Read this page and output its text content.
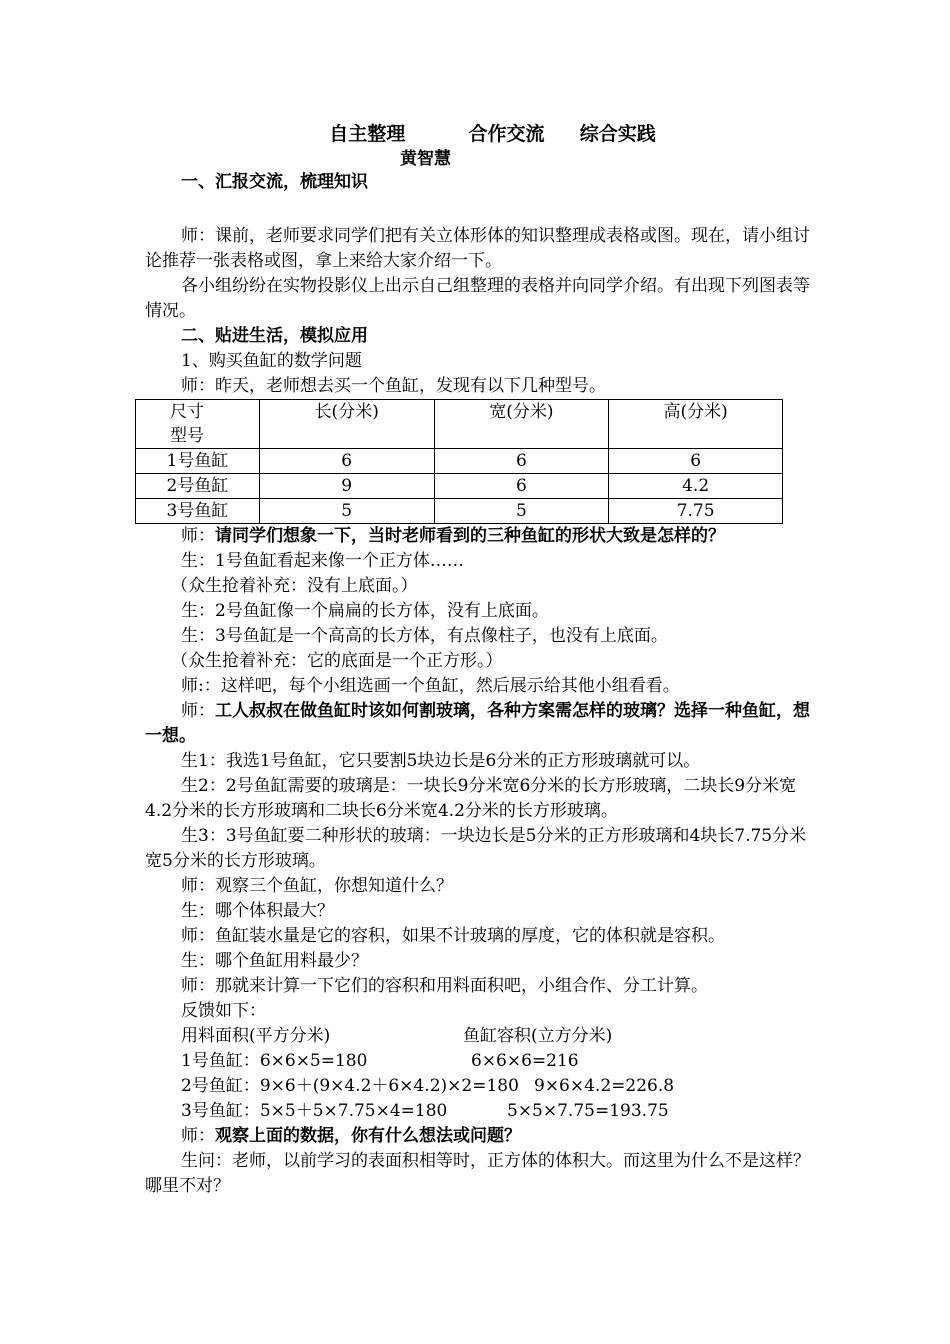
自主整理	合作交流 综合实践
黄智慧

一、汇报交流，梳理知识

师：课前，老师要求同学们把有关立体形体的知识整理成表格或图。现在，请小组讨论推荐一张表格或图，拿上来给大家介绍一下。

各小组纷纷在实物投影仪上出示自己组整理的表格并向同学介绍。有出现下列图表等情况。

二、贴进生活，模拟应用

1、购买鱼缸的数学问题

师：昨天，老师想去买一个鱼缸，发现有以下几种型号。

尺寸
型号	长(分米)	宽(分米)	高(分米)
1号鱼缸	6	6	6
2号鱼缸	9	6	4.2
3号鱼缸	5	5	7.75

师：请同学们想象一下，当时老师看到的三种鱼缸的形状大致是怎样的？

生：1号鱼缸看起来像一个正方体……

（众生抢着补充：没有上底面。）

生：2号鱼缸像一个扁扁的长方体，没有上底面。

生：3号鱼缸是一个高高的长方体，有点像柱子，也没有上底面。

（众生抢着补充：它的底面是一个正方形。）

师:：这样吧，每个小组选画一个鱼缸，然后展示给其他小组看看。

师：工人叔叔在做鱼缸时该如何割玻璃，各种方案需怎样的玻璃？选择一种鱼缸，想一想。

生1：我选1号鱼缸，它只要割5块边长是6分米的正方形玻璃就可以。

生2：2号鱼缸需要的玻璃是：一块长9分米宽6分米的长方形玻璃，二块长9分米宽4.2分米的长方形玻璃和二块长6分米宽4.2分米的长方形玻璃。

生3：3号鱼缸要二种形状的玻璃：一块边长是5分米的正方形玻璃和4块长7.75分米宽5分米的长方形玻璃。

师：观察三个鱼缸，你想知道什么？

生：哪个体积最大？

师：鱼缸装水量是它的容积，如果不计玻璃的厚度，它的体积就是容积。

生：哪个鱼缸用料最少？

师：那就来计算一下它们的容积和用料面积吧，小组合作、分工计算。

反馈如下：

用料面积(平方分米)	鱼缸容积(立方分米)
1号鱼缸：6×6×5=180	6×6×6=216
2号鱼缸：9×6＋(9×4.2＋6×4.2)×2=180 9×6×4.2=226.8
3号鱼缸：5×5＋5×7.75×4=180	5×5×7.75=193.75

师：观察上面的数据，你有什么想法或问题？

生问：老师，以前学习的表面积相等时，正方体的体积大。而这里为什么不是这样？哪里不对？
